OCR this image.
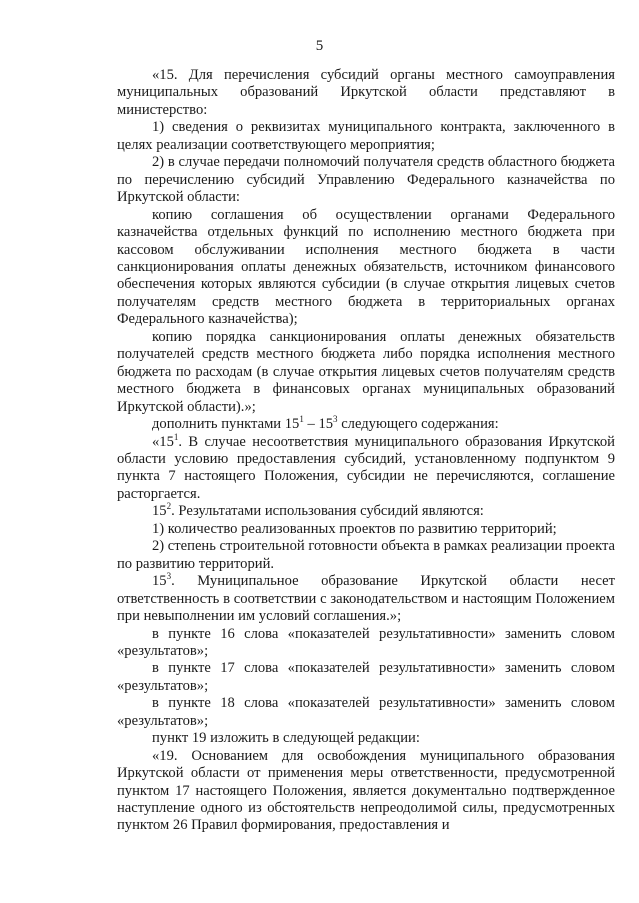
5

«15. Для перечисления субсидий органы местного самоуправления муниципальных образований Иркутской области представляют в министерство:

1) сведения о реквизитах муниципального контракта, заключенного в целях реализации соответствующего мероприятия;

2) в случае передачи полномочий получателя средств областного бюджета по перечислению субсидий Управлению Федерального казначейства по Иркутской области:

копию соглашения об осуществлении органами Федерального казначейства отдельных функций по исполнению местного бюджета при кассовом обслуживании исполнения местного бюджета в части санкционирования оплаты денежных обязательств, источником финансового обеспечения которых являются субсидии (в случае открытия лицевых счетов получателям средств местного бюджета в территориальных органах Федерального казначейства);

копию порядка санкционирования оплаты денежных обязательств получателей средств местного бюджета либо порядка исполнения местного бюджета по расходам (в случае открытия лицевых счетов получателям средств местного бюджета в финансовых органах муниципальных образований Иркутской области).»;

дополнить пунктами $15^1 - 15^3$ следующего содержания:

«$15^1$. В случае несоответствия муниципального образования Иркутской области условию предоставления субсидий, установленному подпунктом 9 пункта 7 настоящего Положения, субсидии не перечисляются, соглашение расторгается.

$15^2$. Результатами использования субсидий являются:

1) количество реализованных проектов по развитию территорий;

2) степень строительной готовности объекта в рамках реализации проекта по развитию территорий.

$15^3$. Муниципальное образование Иркутской области несет ответственность в соответствии с законодательством и настоящим Положением при невыполнении им условий соглашения.»;

в пункте 16 слова «показателей результативности» заменить словом «результатов»;

в пункте 17 слова «показателей результативности» заменить словом «результатов»;

в пункте 18 слова «показателей результативности» заменить словом «результатов»;

пункт 19 изложить в следующей редакции:

«19. Основанием для освобождения муниципального образования Иркутской области от применения меры ответственности, предусмотренной пунктом 17 настоящего Положения, является документально подтвержденное наступление одного из обстоятельств непреодолимой силы, предусмотренных пунктом 26 Правил формирования, предоставления и
